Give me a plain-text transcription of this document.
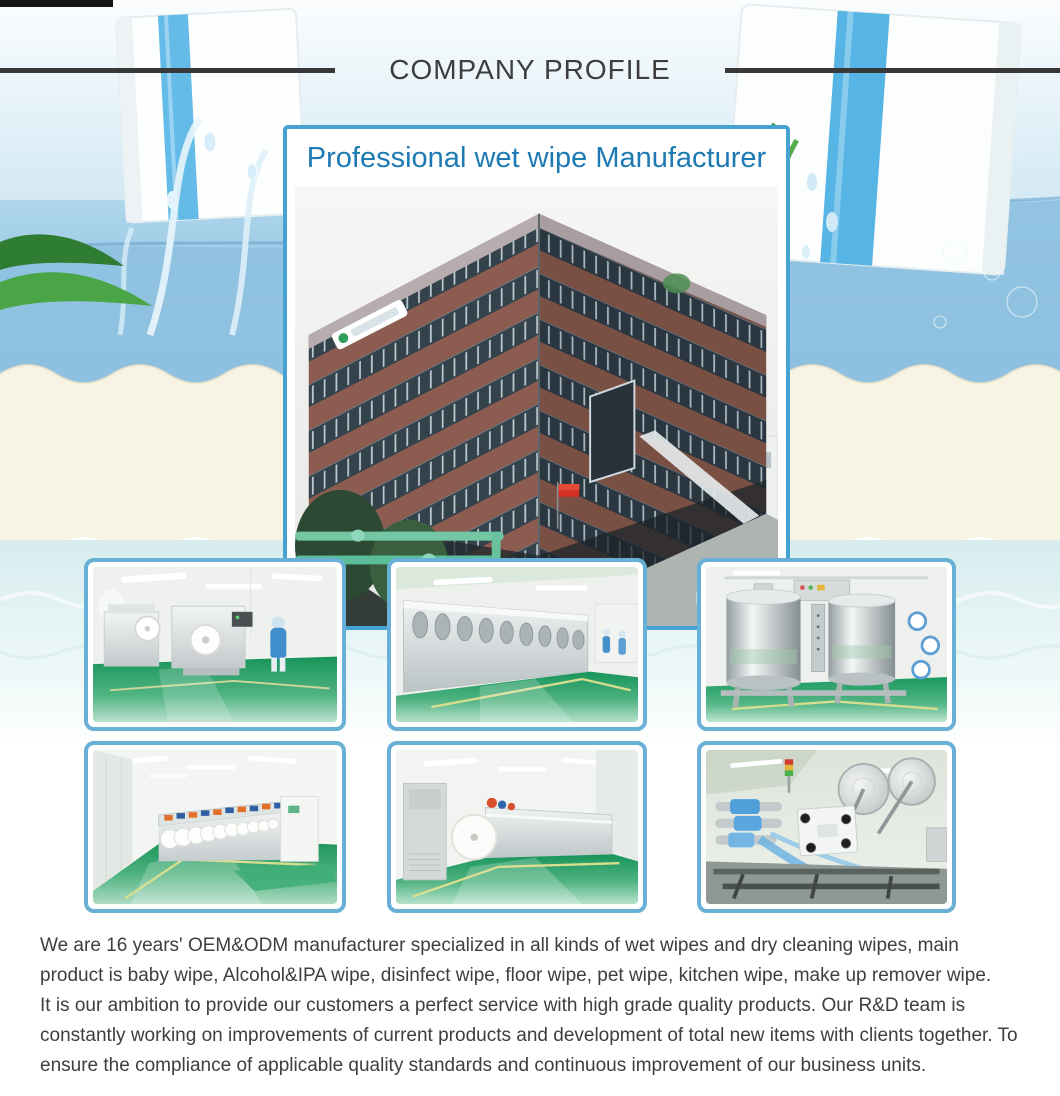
COMPANY PROFILE

Professional wet wipe Manufacturer

We are 16 years' OEM&ODM manufacturer specialized in all kinds of wet wipes and dry cleaning wipes, main product is baby wipe, Alcohol&IPA wipe, disinfect wipe, floor wipe, pet wipe, kitchen wipe, make up remover wipe.

It is our ambition to provide our customers a perfect service with high grade quality products. Our R&D team is constantly working on improvements of current products and development of total new items with clients together. To ensure the compliance of applicable quality standards and continuous improvement of our business units.
